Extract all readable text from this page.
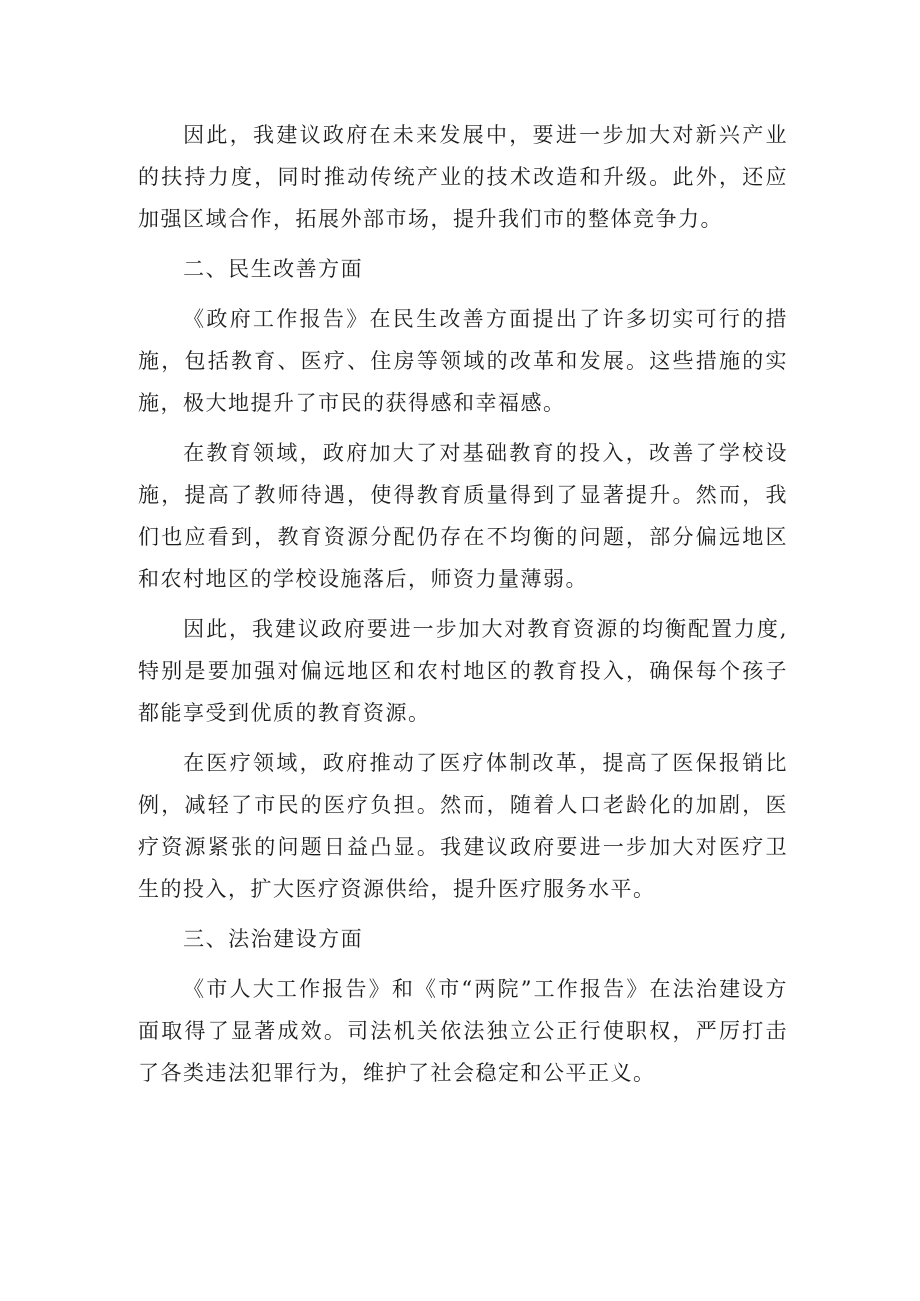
因此，我建议政府在未来发展中，要进一步加大对新兴产业的扶持力度，同时推动传统产业的技术改造和升级。此外，还应加强区域合作，拓展外部市场，提升我们市的整体竞争力。

二、民生改善方面

《政府工作报告》在民生改善方面提出了许多切实可行的措施，包括教育、医疗、住房等领域的改革和发展。这些措施的实施，极大地提升了市民的获得感和幸福感。

在教育领域，政府加大了对基础教育的投入，改善了学校设施，提高了教师待遇，使得教育质量得到了显著提升。然而，我们也应看到，教育资源分配仍存在不均衡的问题，部分偏远地区和农村地区的学校设施落后，师资力量薄弱。

因此，我建议政府要进一步加大对教育资源的均衡配置力度,特别是要加强对偏远地区和农村地区的教育投入，确保每个孩子都能享受到优质的教育资源。

在医疗领域，政府推动了医疗体制改革，提高了医保报销比例，减轻了市民的医疗负担。然而，随着人口老龄化的加剧，医疗资源紧张的问题日益凸显。我建议政府要进一步加大对医疗卫生的投入，扩大医疗资源供给，提升医疗服务水平。

三、法治建设方面

《市人大工作报告》和《市“两院”工作报告》在法治建设方面取得了显著成效。司法机关依法独立公正行使职权，严厉打击了各类违法犯罪行为，维护了社会稳定和公平正义。
